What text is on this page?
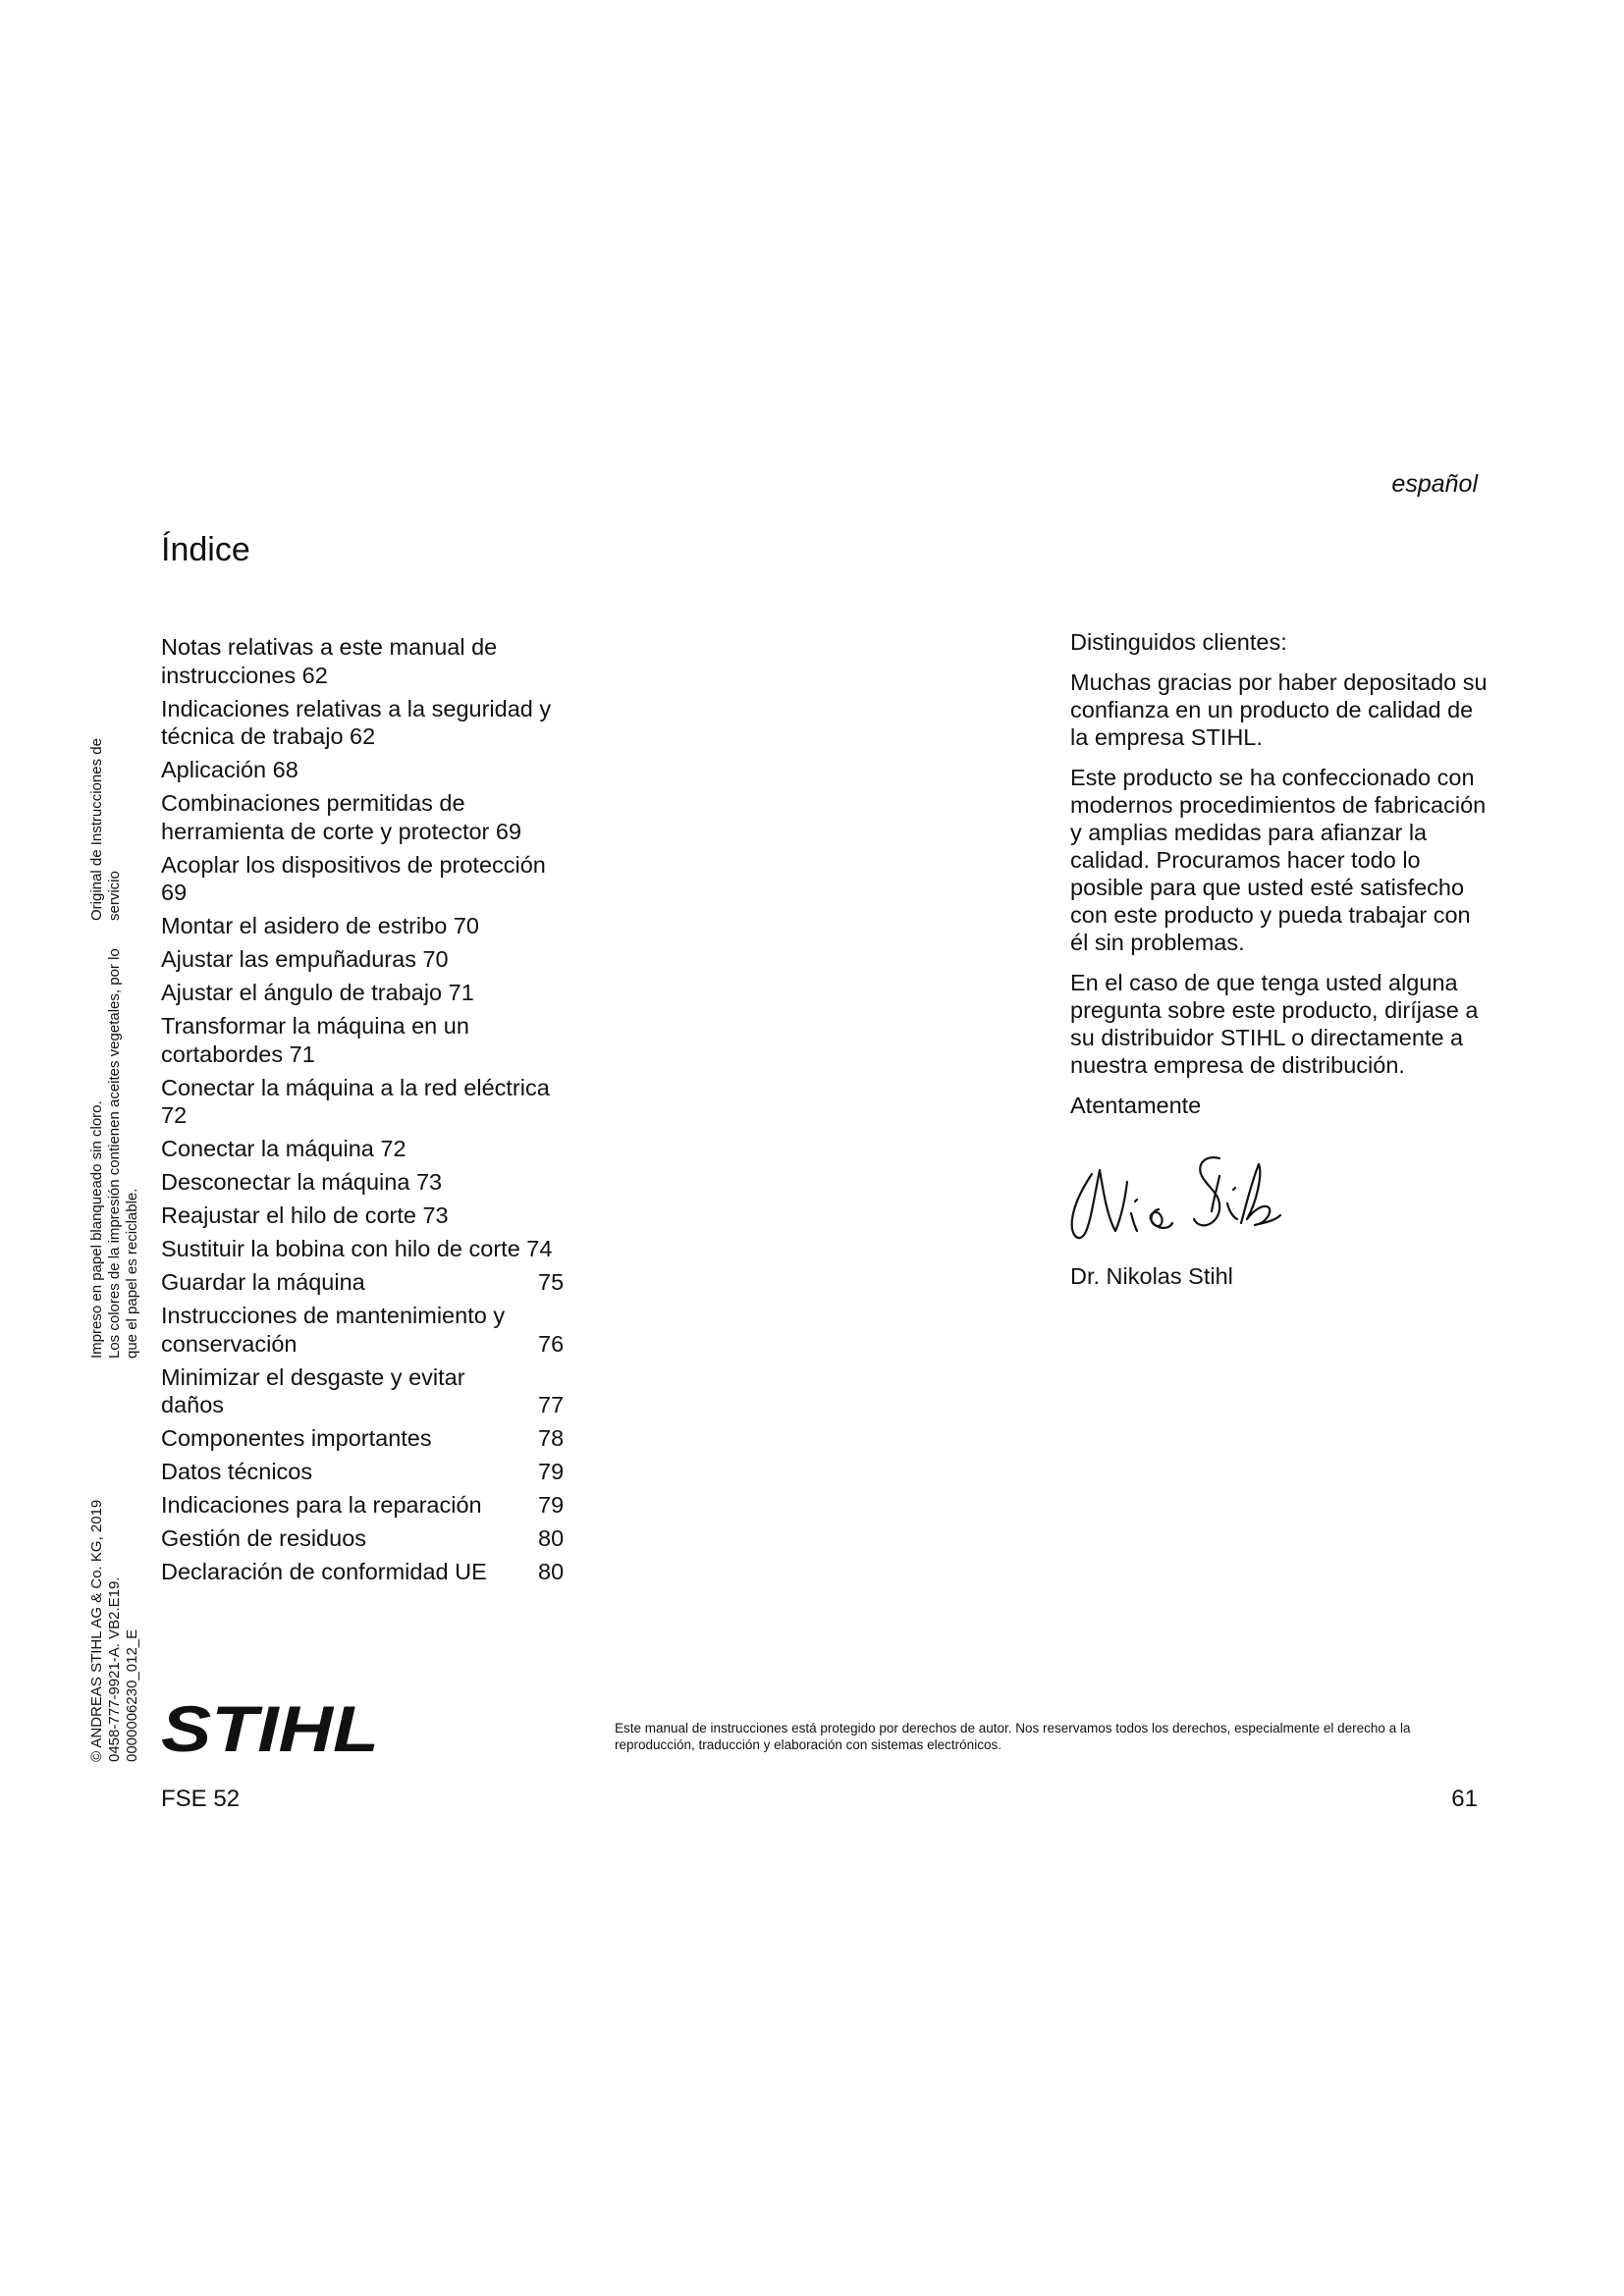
español
Índice
Notas relativas a este manual de instrucciones 62
Indicaciones relativas a la seguridad y técnica de trabajo 62
Aplicación 68
Combinaciones permitidas de herramienta de corte y protector 69
Acoplar los dispositivos de protección 69
Montar el asidero de estribo 70
Ajustar las empuñaduras 70
Ajustar el ángulo de trabajo 71
Transformar la máquina en un cortabordes 71
Conectar la máquina a la red eléctrica 72
Conectar la máquina 72
Desconectar la máquina 73
Reajustar el hilo de corte 73
Sustituir la bobina con hilo de corte 74
Guardar la máquina	75
Instrucciones de mantenimiento y conservación	76
Minimizar el desgaste y evitar daños	77
Componentes importantes	78
Datos técnicos	79
Indicaciones para la reparación	79
Gestión de residuos	80
Declaración de conformidad UE	80

Distinguidos clientes:

Muchas gracias por haber depositado su confianza en un producto de calidad de la empresa STIHL.

Este producto se ha confeccionado con modernos procedimientos de fabricación y amplias medidas para afianzar la calidad. Procuramos hacer todo lo posible para que usted esté satisfecho con este producto y pueda trabajar con él sin problemas.

En el caso de que tenga usted alguna pregunta sobre este producto, diríjase a su distribuidor STIHL o directamente a nuestra empresa de distribución.

Atentamente

Dr. Nikolas Stihl
© ANDREAS STIHL AG & Co. KG, 2019 0458-777-9921-A. VB2.E19. 0000006230_012_E
Impreso en papel blanqueado sin cloro. Los colores de la impresión contienen aceites vegetales, por lo que el papel es reciclable.
Original de Instrucciones de servicio
STIHL	Este manual de instrucciones está protegido por derechos de autor. Nos reservamos todos los derechos, especialmente el derecho a la reproducción, traducción y elaboración con sistemas electrónicos.
FSE 52	61
